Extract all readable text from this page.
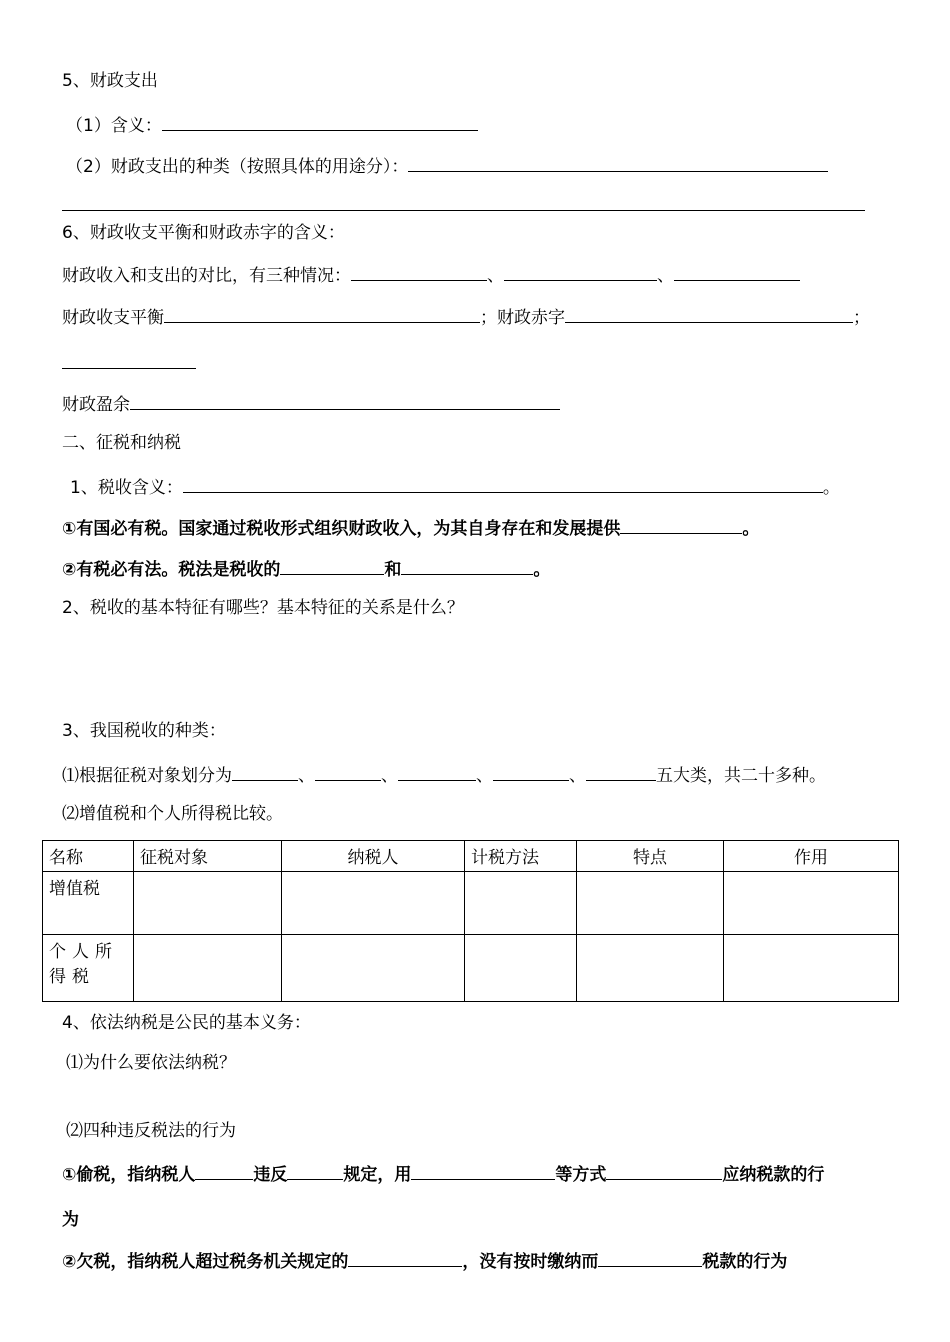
5、财政支出
（1）含义：
（2）财政支出的种类（按照具体的用途分）：
6、财政收支平衡和财政赤字的含义：
财政收入和支出的对比，有三种情况：	、	、
财政收支平衡	；财政赤字	；
财政盈余
二、征税和纳税
1、税收含义：	。
①有国必有税。国家通过税收形式组织财政收入，为其自身存在和发展提供	。
②有税必有法。税法是税收的	和	。
2、税收的基本特征有哪些？基本特征的关系是什么？
3、我国税收的种类：
⑴根据征税对象划分为	、	、	、	、	五大类，共二十多种。
⑵增值税和个人所得税比较。
名称	征税对象	纳税人	计税方法	特点	作用
增值税					
个人所得税					
4、依法纳税是公民的基本义务：
⑴为什么要依法纳税？
⑵四种违反税法的行为
①偷税，指纳税人	违反	规定，用	等方式	应纳税款的行
为
②欠税，指纳税人超过税务机关规定的	，没有按时缴纳而	税款的行为
